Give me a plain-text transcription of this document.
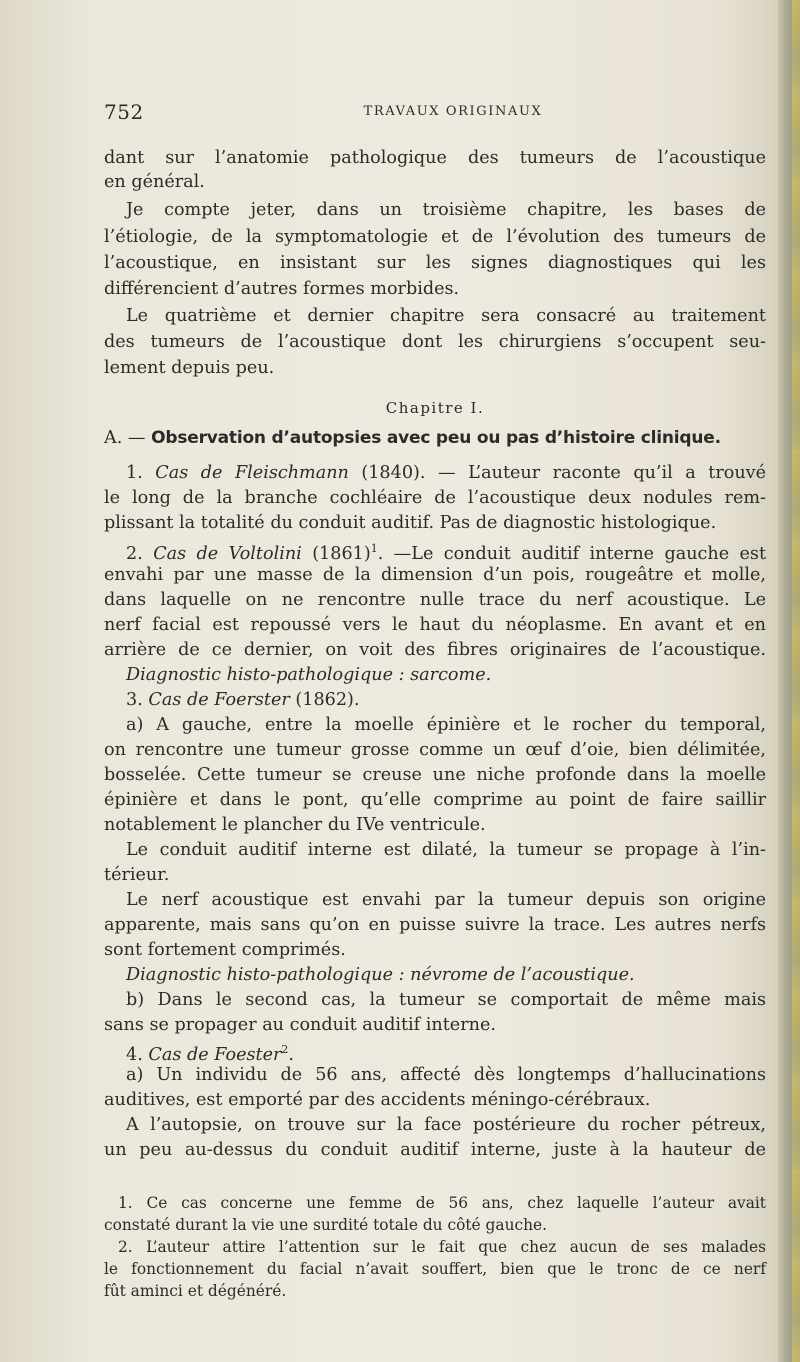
752	TRAVAUX ORIGINAUX
dant sur l’anatomie pathologique des tumeurs de l’acoustique
en général.
Je compte jeter, dans un troisième chapitre, les bases de
l’étiologie, de la symptomatologie et de l’évolution des tumeurs de
l’acoustique, en insistant sur les signes diagnostiques qui les
différencient d’autres formes morbides.
Le quatrième et dernier chapitre sera consacré au traitement
des tumeurs de l’acoustique dont les chirurgiens s’occupent seu-
lement depuis peu.
Chapitre I.
A. — Observation d’autopsies avec peu ou pas d’histoire clinique.
1. Cas de Fleischmann (1840). — L’auteur raconte qu’il a trouvé
le long de la branche cochléaire de l’acoustique deux nodules rem-
plissant la totalité du conduit auditif. Pas de diagnostic histologique.
2. Cas de Voltolini $(1861)^1$. —Le conduit auditif interne gauche est
envahi par une masse de la dimension d’un pois, rougeâtre et molle,
dans laquelle on ne rencontre nulle trace du nerf acoustique. Le
nerf facial est repoussé vers le haut du néoplasme. En avant et en
arrière de ce dernier, on voit des fibres originaires de l’acoustique.
Diagnostic histo-pathologique : sarcome.
3. Cas de Foerster (1862).
a) A gauche, entre la moelle épinière et le rocher du temporal,
on rencontre une tumeur grosse comme un œuf d’oie, bien délimitée,
bosselée. Cette tumeur se creuse une niche profonde dans la moelle
épinière et dans le pont, qu’elle comprime au point de faire saillir
notablement le plancher du IVe ventricule.
Le conduit auditif interne est dilaté, la tumeur se propage à l’in-
térieur.
Le nerf acoustique est envahi par la tumeur depuis son origine
apparente, mais sans qu’on en puisse suivre la trace. Les autres nerfs
sont fortement comprimés.
Diagnostic histo-pathologique : névrome de l’acoustique.
b) Dans le second cas, la tumeur se comportait de même mais
sans se propager au conduit auditif interne.
4. Cas de Foester$^2$.
a) Un individu de 56 ans, affecté dès longtemps d’hallucinations
auditives, est emporté par des accidents méningo-cérébraux.
A l’autopsie, on trouve sur la face postérieure du rocher pétreux,
un peu au-dessus du conduit auditif interne, juste à la hauteur de
1. Ce cas concerne une femme de 56 ans, chez laquelle l’auteur avait
constaté durant la vie une surdité totale du côté gauche.
2. L’auteur attire l’attention sur le fait que chez aucun de ses malades
le fonctionnement du facial n’avait souffert, bien que le tronc de ce nerf
fût aminci et dégénéré.
